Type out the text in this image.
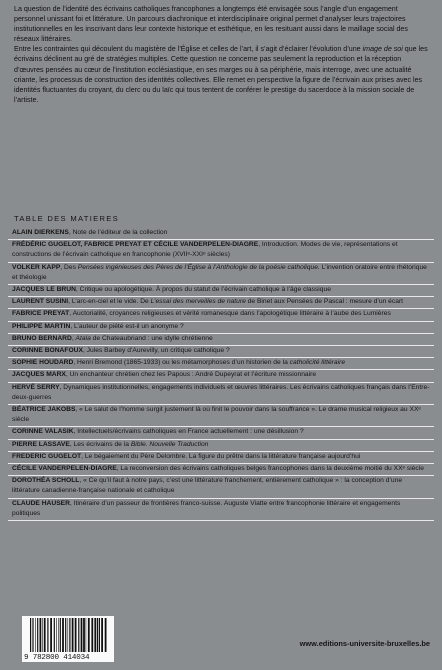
La question de l’identité des écrivains catholiques francophones a longtemps été envisagée sous l’angle d’un engagement personnel unissant foi et littérature. Un parcours diachronique et interdisciplinaire original permet d’analyser leurs trajectoires institutionnelles en les inscrivant dans leur contexte historique et esthétique, en les resituant aussi dans le maillage social des réseaux littéraires.

Entre les contraintes qui découlent du magistère de l’Église et celles de l’art, il s’agit d’éclairer l’évolution d’une image de soi que les écrivains déclinent au gré de stratégies multiples. Cette question ne concerne pas seulement la reproduction et la réception d’œuvres pensées au cœur de l’institution ecclésiastique, en ses marges ou à sa périphérie, mais interroge, avec une actualité criante, les processus de construction des identités collectives. Elle remet en perspective la figure de l’écrivain aux prises avec les identités fluctuantes du croyant, du clerc ou du laïc qui tous tentent de conférer le prestige du sacerdoce à la mission sociale de l’artiste.

TABLE DES MATIERES
ALAIN DIERKENS, Note de l’éditeur de la collection
FRÉDÉRIC GUGELOT, FABRICE PREYAT ET CÉCILE VANDERPELEN-DIAGRE, Introduction. Modes de vie, représentations et constructions de l’écrivain catholique en francophonie (XVIIᵉ-XXIᵉ siècles)
VOLKER KAPP, Des Pensées ingénieuses des Pères de l’Église à l’Anthologie de la poésie catholique. L’invention oratoire entre rhétorique et théologie
JACQUES LE BRUN, Critique ou apologétique. À propos du statut de l’écrivain catholique à l’âge classique
LAURENT SUSINI, L’arc-en-ciel et le vide. De L’essai des merveilles de nature de Binet aux Pensées de Pascal : mesure d’un écart
FABRICE PREYAT, Auctorialité, croyances religieuses et vérité romanesque dans l’apologétique littéraire à l’aube des Lumières
PHILIPPE MARTIN, L’auteur de piété est-il un anonyme ?
BRUNO BERNARD, Atala de Chateaubriand : une idylle chrétienne
CORINNE BONAFOUX, Jules Barbey d’Aurevilly, un critique catholique ?
SOPHIE HOUDARD, Henri Bremond (1865-1933) ou les métamorphoses d’un historien de la catholicité littéraire
JACQUES MARX, Un enchanteur chrétien chez les Papous : André Dupeyrat et l’écriture missionnaire
HERVÉ SERRY, Dynamiques institutionnelles, engagements individuels et œuvres littéraires. Les écrivains catholiques français dans l’Entre-deux-guerres
BÉATRICE JAKOBS, « Le salut de l’homme surgit justement là où finit le pouvoir dans la souffrance ». Le drame musical religieux au XXᵉ siècle
CORINNE VALASIK, Intellectuels/écrivains catholiques en France actuellement : une désillusion ?
PIERRE LASSAVE, Les écrivains de la Bible. Nouvelle Traduction
FREDERIC GUGELOT, Le bégaiement du Père Delombre. La figure du prêtre dans la littérature française aujourd’hui
CÉCILE VANDERPELEN-DIAGRE, La reconversion des écrivains catholiques belges francophones dans la deuxième moitié du XXᵉ siècle
DOROTHÉA SCHOLL, « Ce qu’il faut à notre pays, c’est une littérature franchement, entièrement catholique » : la conception d’une littérature canadienne-française nationale et catholique
CLAUDE HAUSER, Itinéraire d’un passeur de frontières franco-suisse. Auguste Viatte entre francophonie littéraire et engagements politiques
9 782800 414034
www.editions-universite-bruxelles.be
